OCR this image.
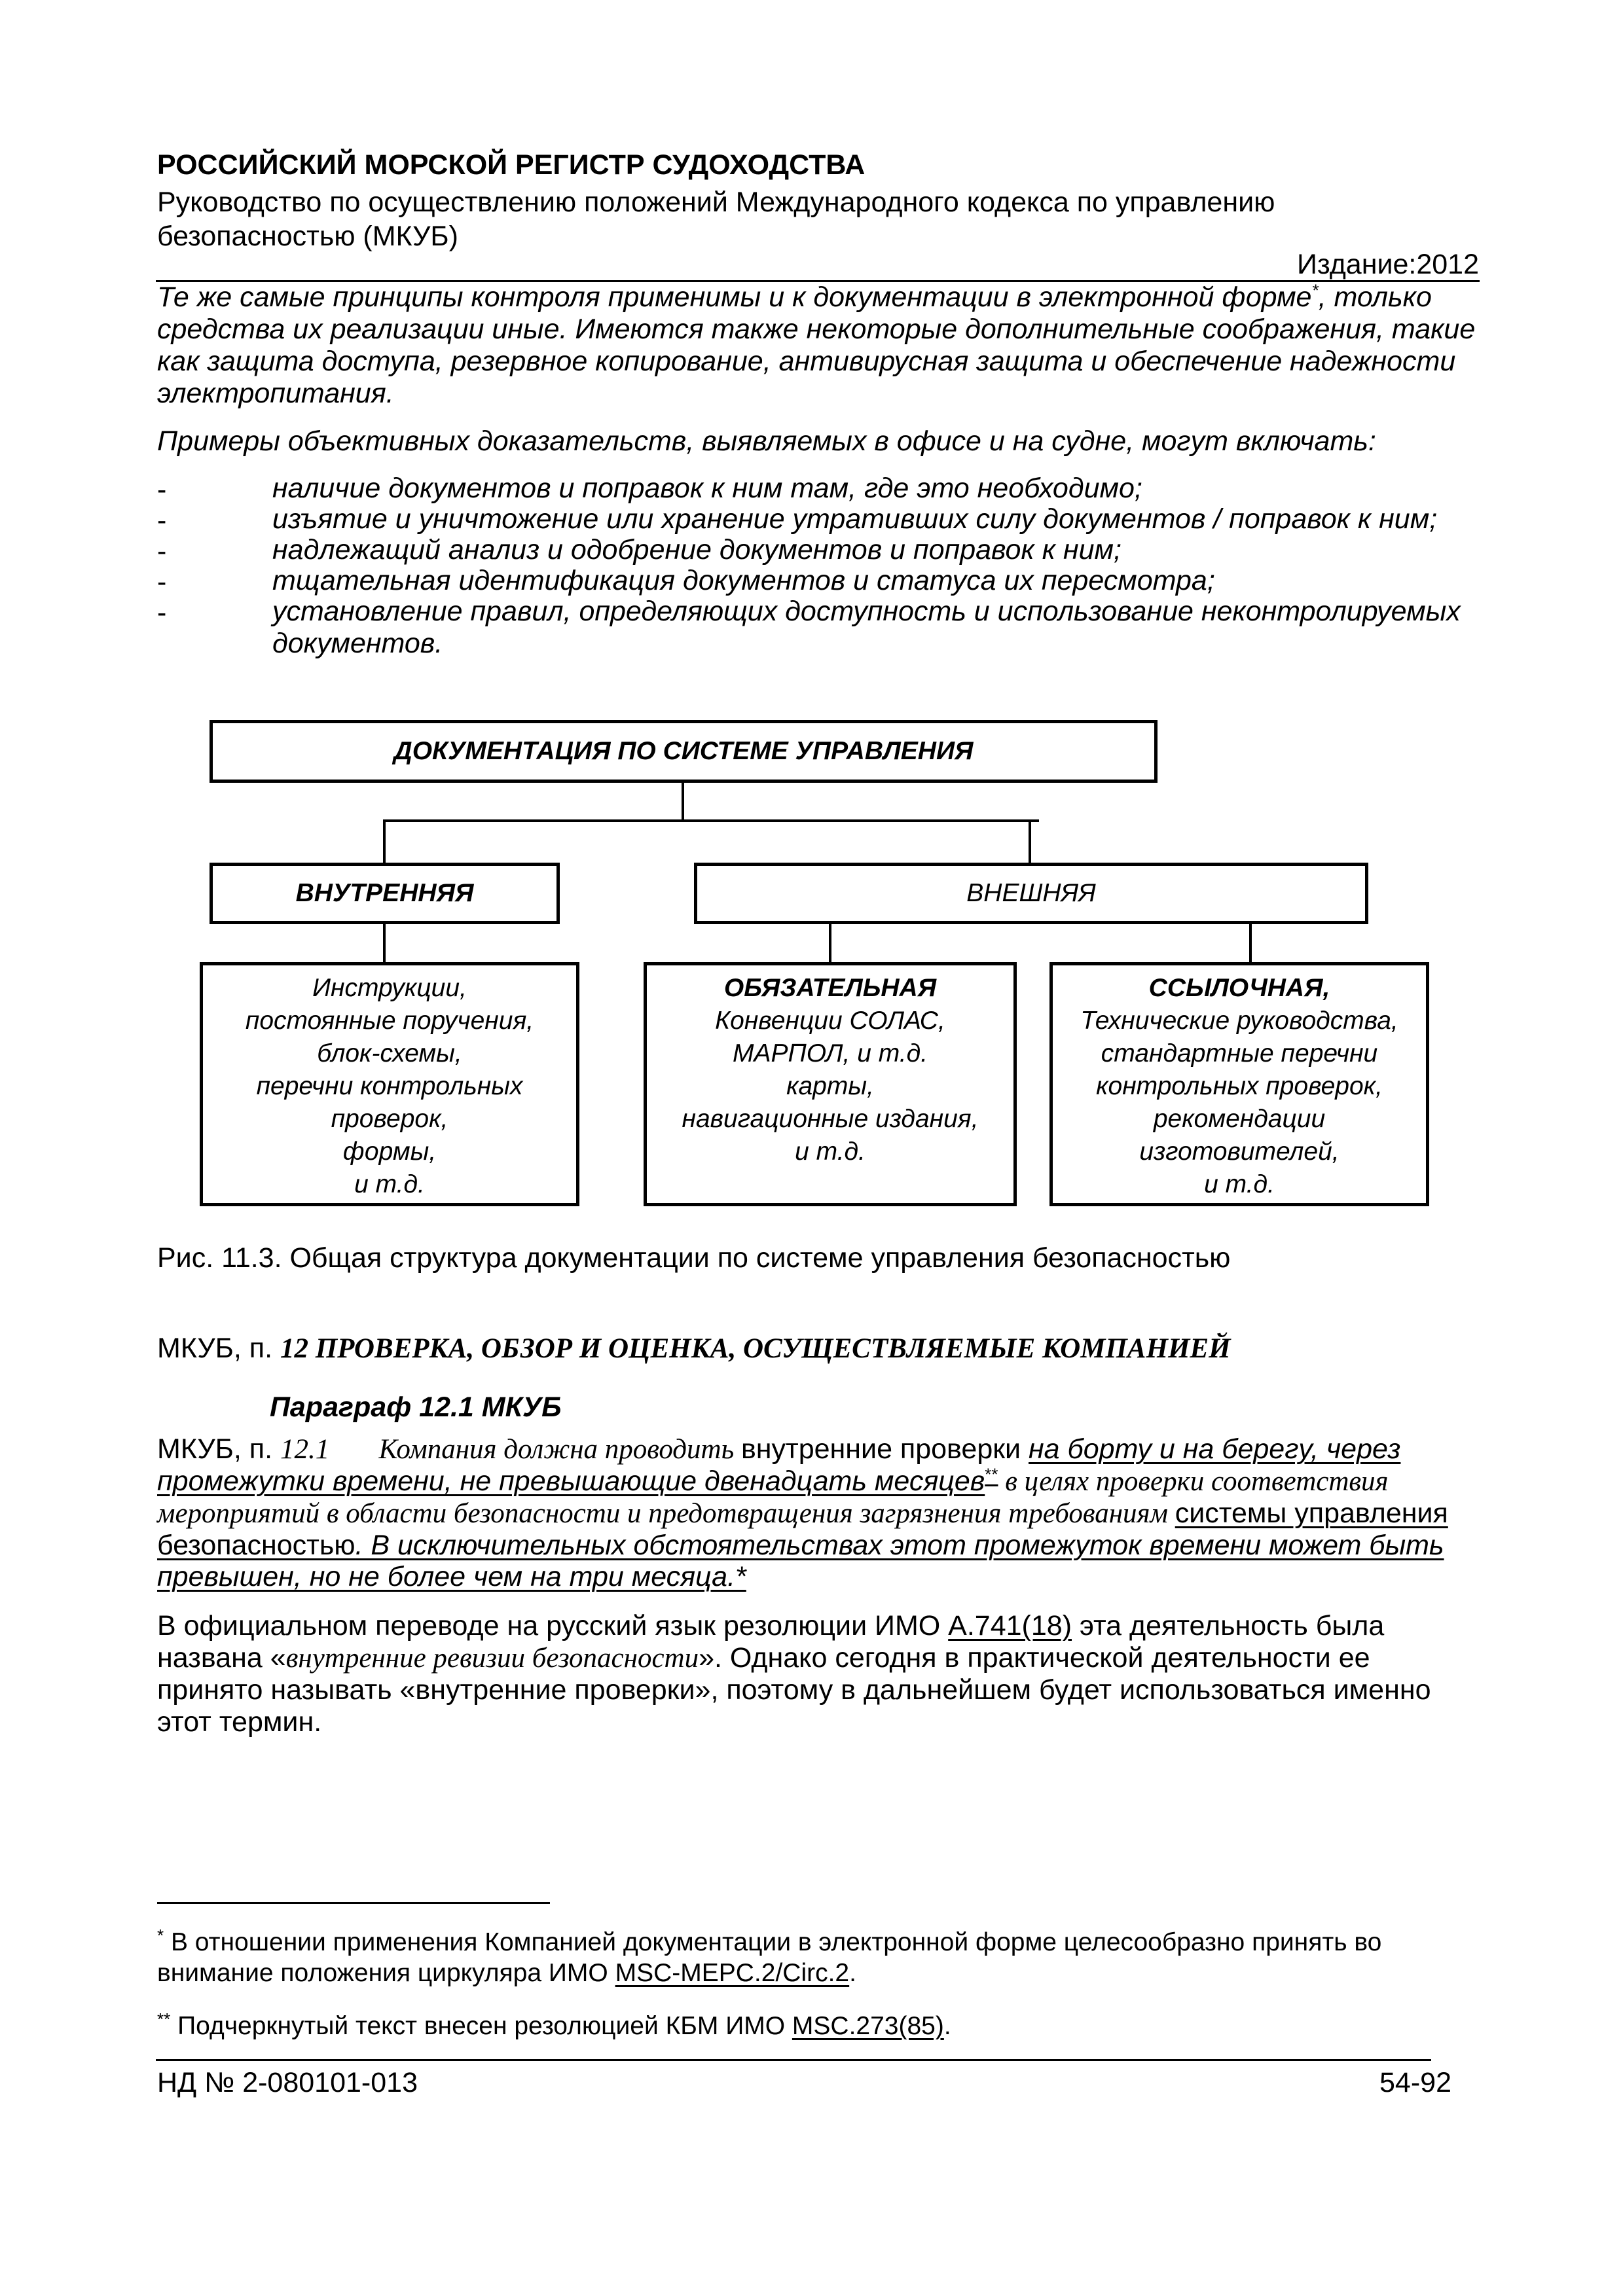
РОССИЙСКИЙ МОРСКОЙ РЕГИСТР СУДОХОДСТВА
Руководство по осуществлению положений Международного кодекса по управлению безопасностью (МКУБ)
Издание:2012
Те же самые принципы контроля применимы и к документации в электронной форме*, только средства их реализации иные. Имеются также некоторые дополнительные соображения, такие как защита доступа, резервное копирование, антивирусная защита и обеспечение надежности электропитания.
Примеры объективных доказательств, выявляемых в офисе и на судне, могут включать:
-	наличие документов и поправок к ним там, где это необходимо;
-	изъятие и уничтожение или хранение утративших силу документов / поправок к ним;
-	надлежащий анализ и одобрение документов и поправок к ним;
-	тщательная идентификация документов и статуса их пересмотра;
-	установление правил, определяющих доступность и использование неконтролируемых документов.
ДОКУМЕНТАЦИЯ ПО СИСТЕМЕ УПРАВЛЕНИЯ
ВНУТРЕННЯЯ	ВНЕШНЯЯ
Инструкции,
постоянные поручения,
блок-схемы,
перечни контрольных
проверок,
формы,
и т.д.
ОБЯЗАТЕЛЬНАЯ
Конвенции СОЛАС,
МАРПОЛ, и т.д.
карты,
навигационные издания,
и т.д.
ССЫЛОЧНАЯ,
Технические руководства,
стандартные перечни
контрольных проверок,
рекомендации
изготовителей,
и т.д.
Рис. 11.3. Общая структура документации по системе управления безопасностью
МКУБ, п. 12 ПРОВЕРКА, ОБЗОР И ОЦЕНКА, ОСУЩЕСТВЛЯЕМЫЕ КОМПАНИЕЙ
Параграф 12.1 МКУБ
МКУБ, п. 12.1 Компания должна проводить внутренние проверки на борту и на берегу, через промежутки времени, не превышающие двенадцать месяцев** в целях проверки соответствия мероприятий в области безопасности и предотвращения загрязнения требованиям системы управления безопасностью. В исключительных обстоятельствах этот промежуток времени может быть превышен, но не более чем на три месяца.*
В официальном переводе на русский язык резолюции ИМО A.741(18) эта деятельность была названа «внутренние ревизии безопасности». Однако сегодня в практической деятельности ее принято называть «внутренние проверки», поэтому в дальнейшем будет использоваться именно этот термин.
* В отношении применения Компанией документации в электронной форме целесообразно принять во внимание положения циркуляра ИМО MSC-MEPC.2/Circ.2.
** Подчеркнутый текст внесен резолюцией КБМ ИМО MSC.273(85).
НД № 2-080101-013	54-92
